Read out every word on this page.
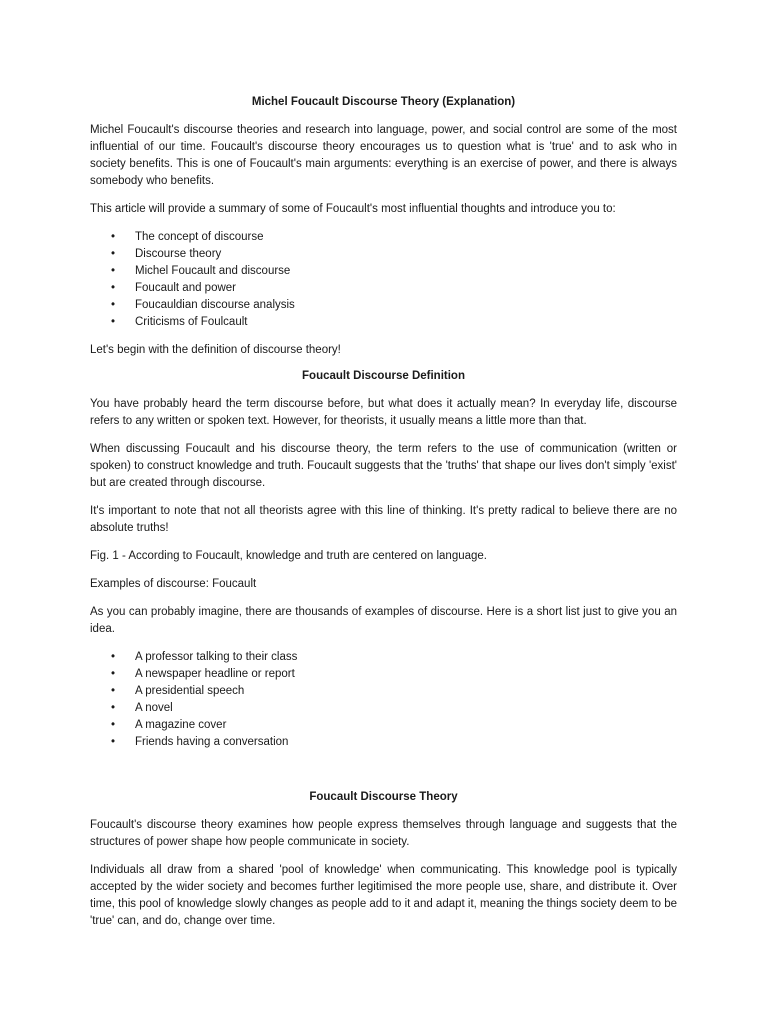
Michel Foucault Discourse Theory (Explanation)

Michel Foucault's discourse theories and research into language, power, and social control are some of the most influential of our time. Foucault's discourse theory encourages us to question what is 'true' and to ask who in society benefits. This is one of Foucault's main arguments: everything is an exercise of power, and there is always somebody who benefits.

This article will provide a summary of some of Foucault's most influential thoughts and introduce you to:

• The concept of discourse
• Discourse theory
• Michel Foucault and discourse
• Foucault and power
• Foucauldian discourse analysis
• Criticisms of Foulcault

Let's begin with the definition of discourse theory!

Foucault Discourse Definition

You have probably heard the term discourse before, but what does it actually mean? In everyday life, discourse refers to any written or spoken text. However, for theorists, it usually means a little more than that.

When discussing Foucault and his discourse theory, the term refers to the use of communication (written or spoken) to construct knowledge and truth. Foucault suggests that the 'truths' that shape our lives don't simply 'exist' but are created through discourse.

It's important to note that not all theorists agree with this line of thinking. It's pretty radical to believe there are no absolute truths!

Fig. 1 - According to Foucault, knowledge and truth are centered on language.

Examples of discourse: Foucault

As you can probably imagine, there are thousands of examples of discourse. Here is a short list just to give you an idea.

• A professor talking to their class
• A newspaper headline or report
• A presidential speech
• A novel
• A magazine cover
• Friends having a conversation
Foucault Discourse Theory

Foucault's discourse theory examines how people express themselves through language and suggests that the structures of power shape how people communicate in society.

Individuals all draw from a shared 'pool of knowledge' when communicating. This knowledge pool is typically accepted by the wider society and becomes further legitimised the more people use, share, and distribute it. Over time, this pool of knowledge slowly changes as people add to it and adapt it, meaning the things society deem to be 'true' can, and do, change over time.
